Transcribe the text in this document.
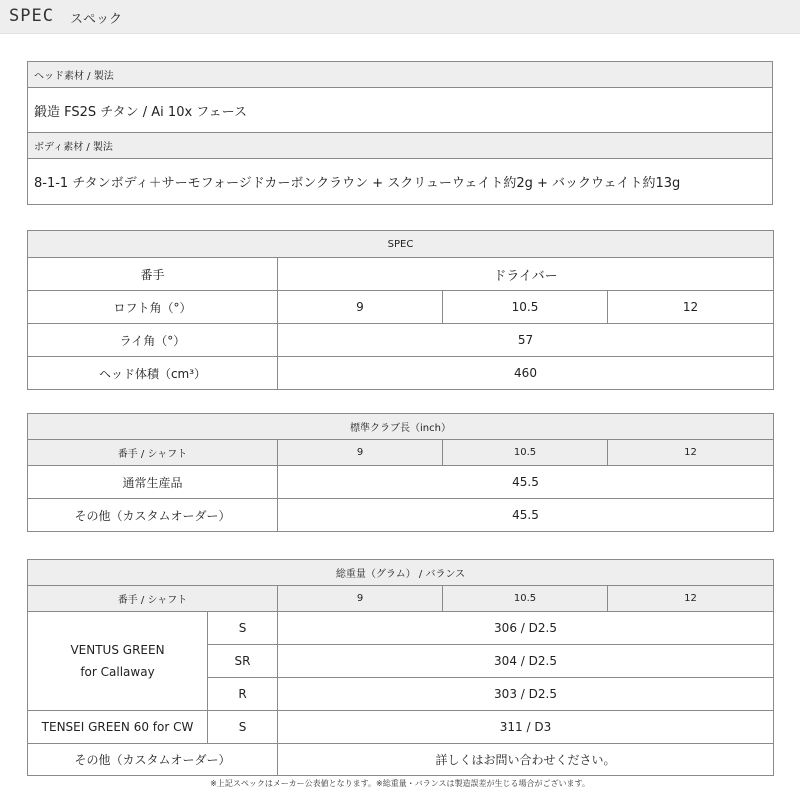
SPEC スペック
ヘッド素材 / 製法
鍛造 FS2S チタン / Ai 10x フェース
ボディ素材 / 製法
8-1-1 チタンボディ＋サーモフォージドカーボンクラウン + スクリューウェイト約2g + バックウェイト約13g
SPEC			
番手	ドライバー		
ロフト角（°）	9	10.5	12
ライ角（°）	57		
ヘッド体積（cm³）	460		
標準クラブ長（inch）			
番手 / シャフト	9	10.5	12
通常生産品	45.5		
その他（カスタムオーダー）	45.5		
総重量（グラム） / バランス				
番手 / シャフト		9	10.5	12
VENTUS GREEN
for Callaway	S	306 / D2.5		
	SR	304 / D2.5		
	R	303 / D2.5		
TENSEI GREEN 60 for CW	S	311 / D3		
その他（カスタムオーダー）		詳しくはお問い合わせください。		
※上記スペックはメーカー公表値となります。※総重量・バランスは製造誤差が生じる場合がございます。
